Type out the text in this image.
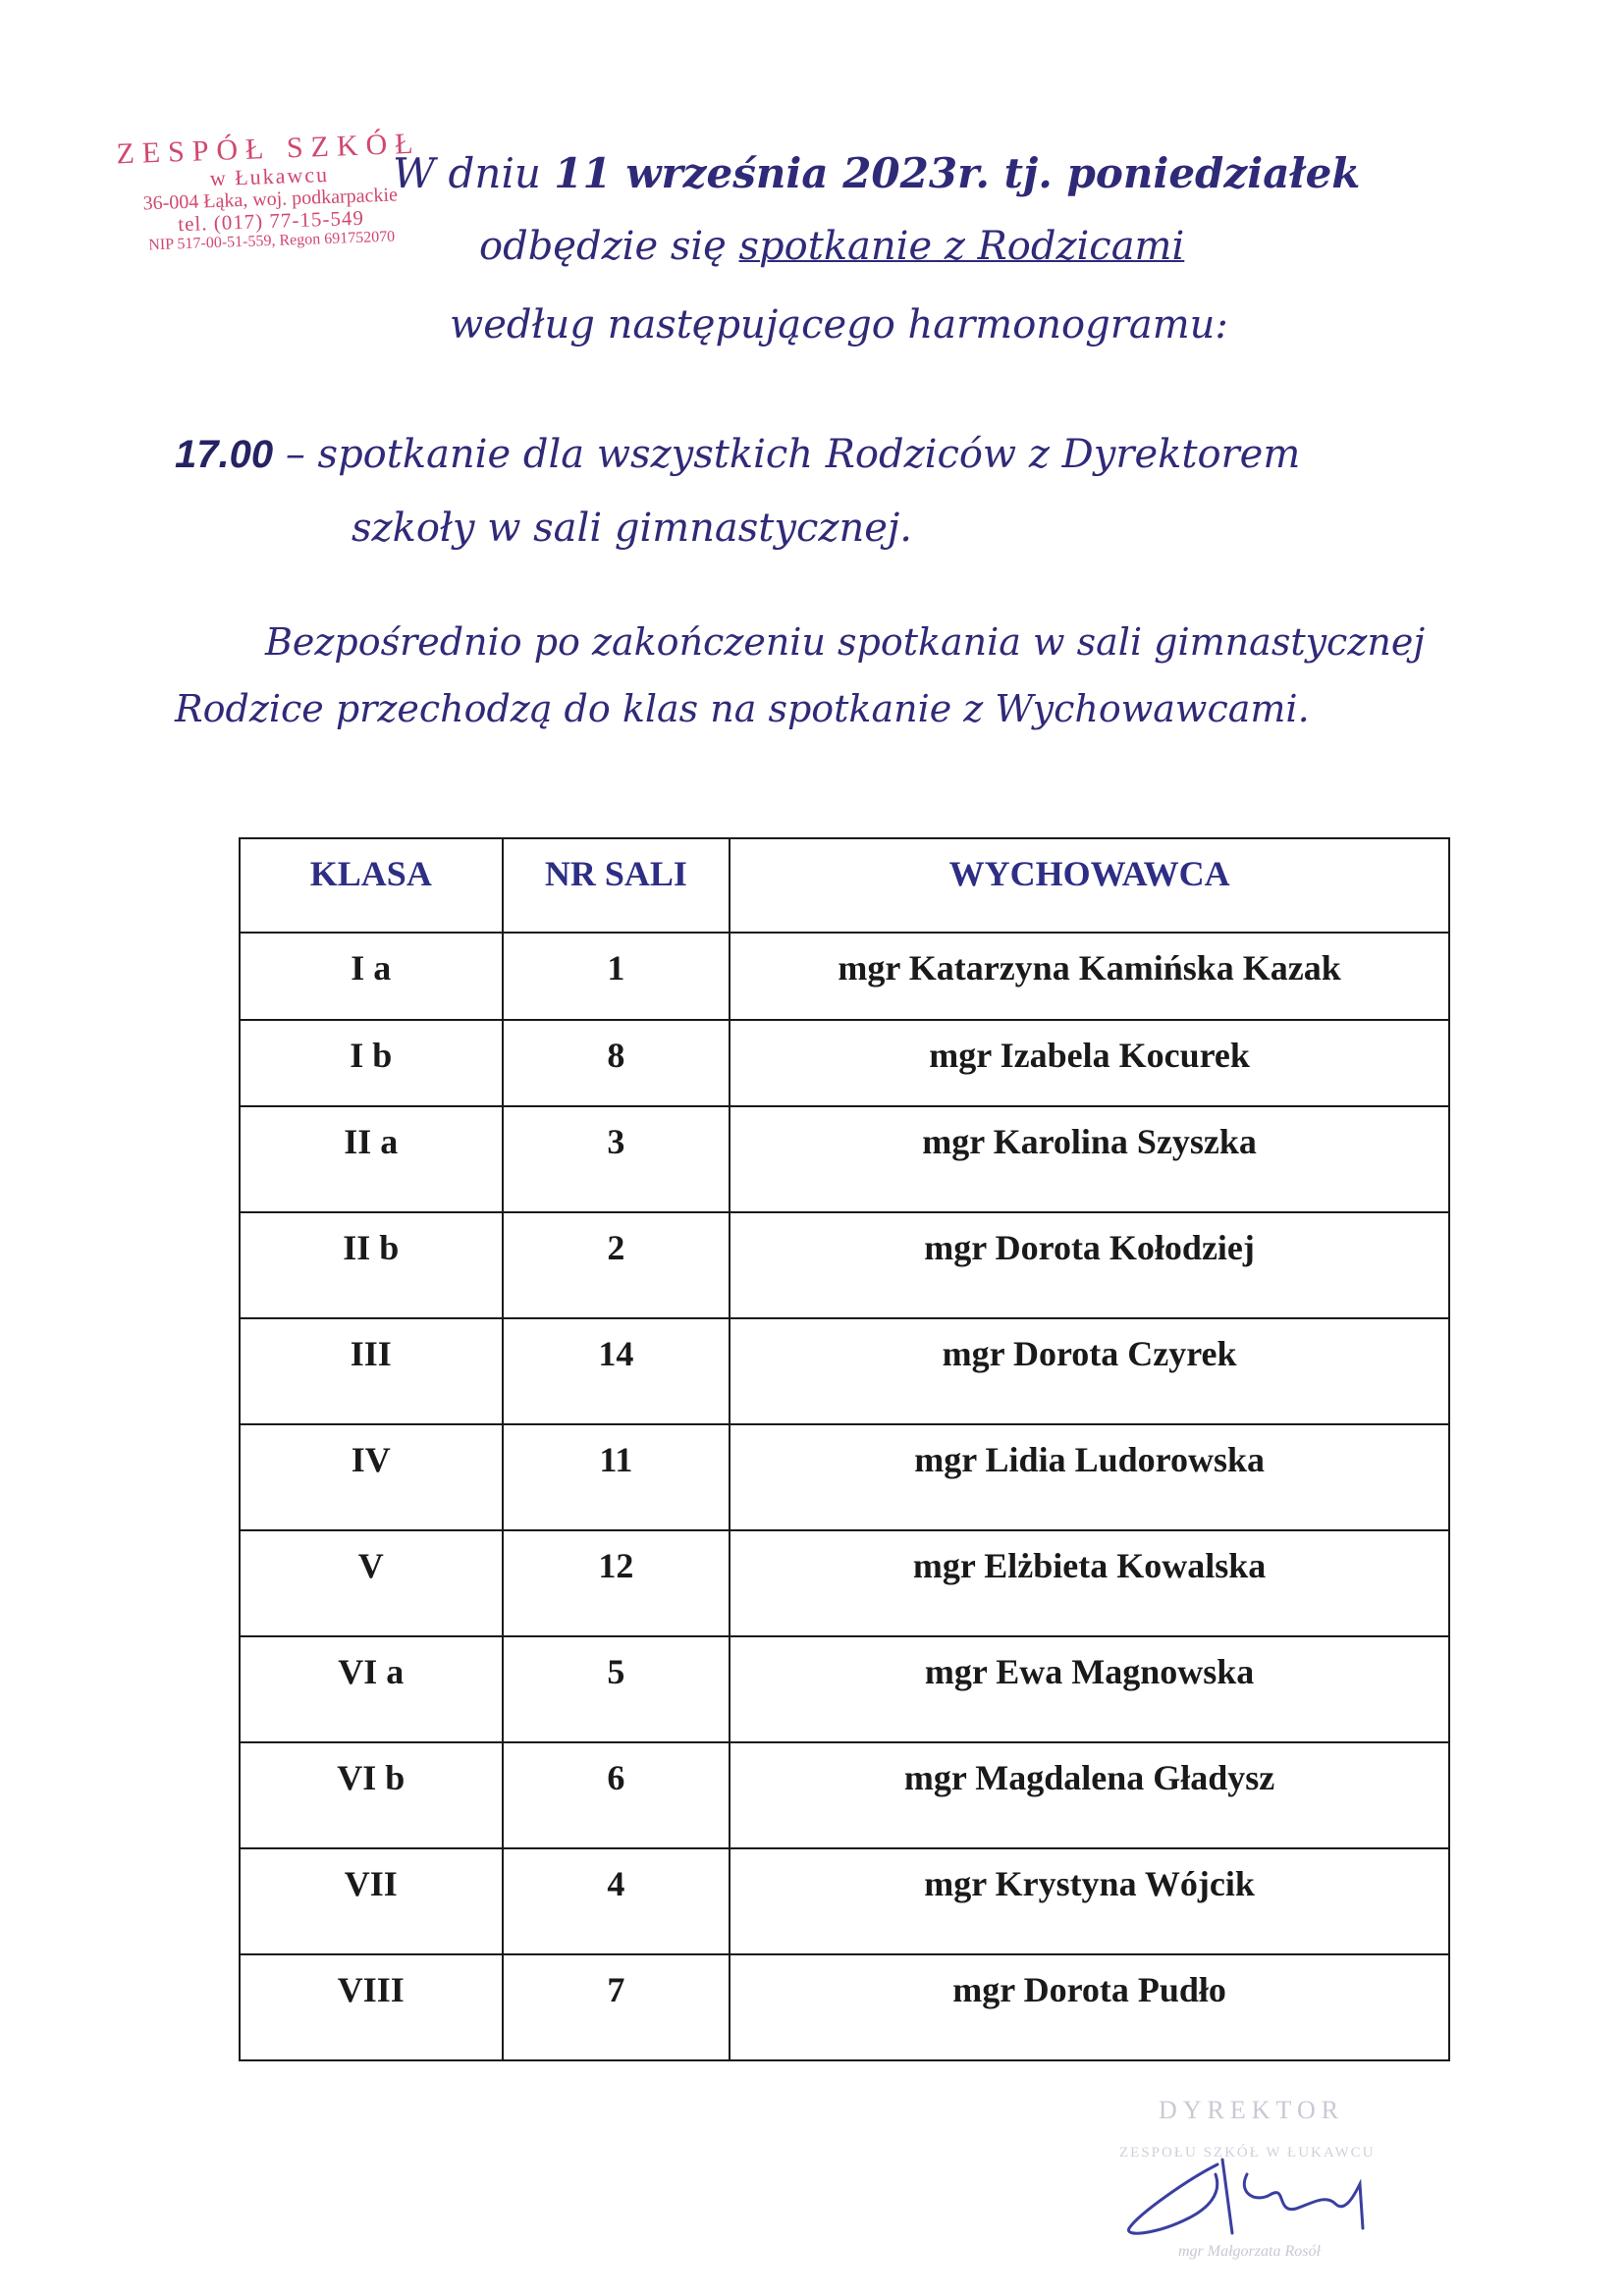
ZESPÓŁ SZKÓŁ
w Łukawcu
36-004 Łąka, woj. podkarpackie
tel. (017) 77-15-549
NIP 517-00-51-559, Regon 691752070
W dniu 11 września 2023r. tj. poniedziałek
odbędzie się spotkanie z Rodzicami
według następującego harmonogramu:
17.00 – spotkanie dla wszystkich Rodziców z Dyrektorem
szkoły w sali gimnastycznej.
Bezpośrednio po zakończeniu spotkania w sali gimnastycznej
Rodzice przechodzą do klas na spotkanie z Wychowawcami.
KLASA	NR SALI	WYCHOWAWCA
I a	1	mgr Katarzyna Kamińska Kazak
I b	8	mgr Izabela Kocurek
II a	3	mgr Karolina Szyszka
II b	2	mgr Dorota Kołodziej
III	14	mgr Dorota Czyrek
IV	11	mgr Lidia Ludorowska
V	12	mgr Elżbieta Kowalska
VI a	5	mgr Ewa Magnowska
VI b	6	mgr Magdalena Gładysz
VII	4	mgr Krystyna Wójcik
VIII	7	mgr Dorota Pudło
DYREKTOR
ZESPOŁU SZKÓŁ W ŁUKAWCU
mgr Małgorzata Rosół
